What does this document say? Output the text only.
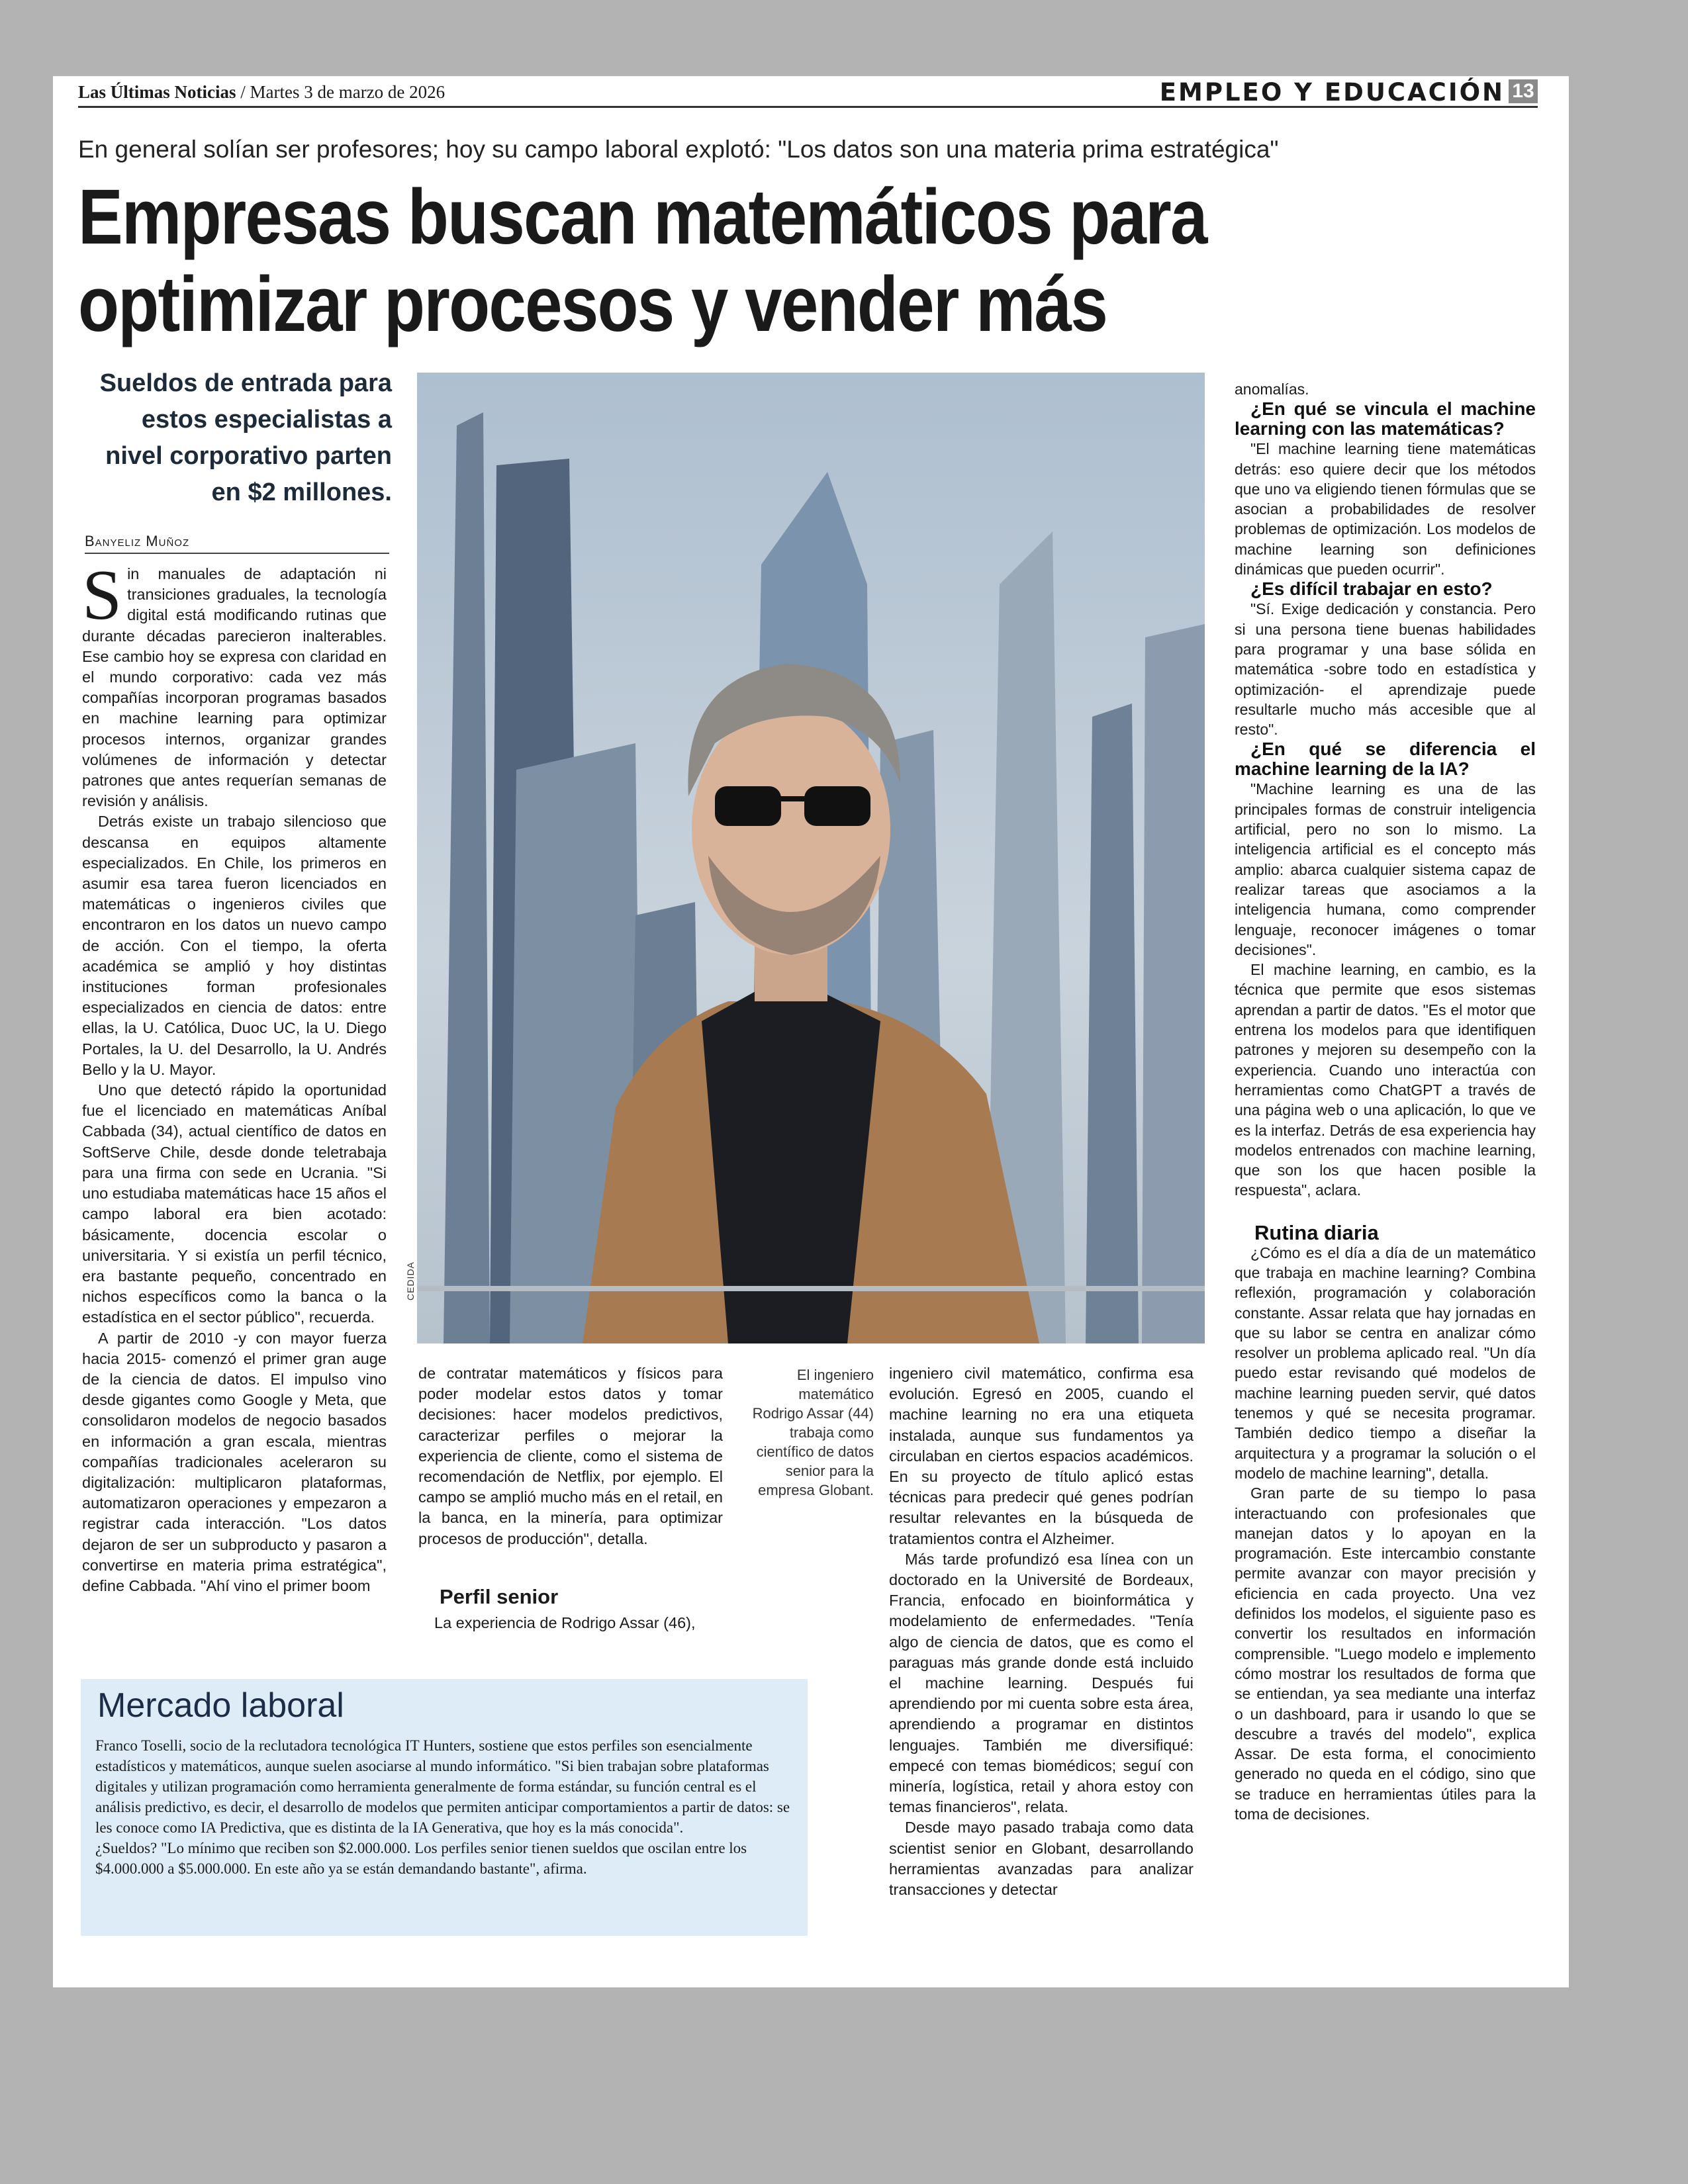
Las Últimas Noticias / Martes 3 de marzo de 2026	EMPLEO Y EDUCACIÓN 13
En general solían ser profesores; hoy su campo laboral explotó: "Los datos son una materia prima estratégica"
Empresas buscan matemáticos para
optimizar procesos y vender más
Sueldos de entrada para estos especialistas a nivel corporativo parten en $2 millones.
Banyeliz Muñoz

Sin manuales de adaptación ni transiciones graduales, la tecnología digital está modificando rutinas que durante décadas parecieron inalterables. Ese cambio hoy se expresa con claridad en el mundo corporativo: cada vez más compañías incorporan programas basados en machine learning para optimizar procesos internos, organizar grandes volúmenes de información y detectar patrones que antes requerían semanas de revisión y análisis.

Detrás existe un trabajo silencioso que descansa en equipos altamente especializados. En Chile, los primeros en asumir esa tarea fueron licenciados en matemáticas o ingenieros civiles que encontraron en los datos un nuevo campo de acción. Con el tiempo, la oferta académica se amplió y hoy distintas instituciones forman profesionales especializados en ciencia de datos: entre ellas, la U. Católica, Duoc UC, la U. Diego Portales, la U. del Desarrollo, la U. Andrés Bello y la U. Mayor.

Uno que detectó rápido la oportunidad fue el licenciado en matemáticas Aníbal Cabbada (34), actual científico de datos en SoftServe Chile, desde donde teletrabaja para una firma con sede en Ucrania. "Si uno estudiaba matemáticas hace 15 años el campo laboral era bien acotado: básicamente, docencia escolar o universitaria. Y si existía un perfil técnico, era bastante pequeño, concentrado en nichos específicos como la banca o la estadística en el sector público", recuerda.

A partir de 2010 -y con mayor fuerza hacia 2015- comenzó el primer gran auge de la ciencia de datos. El impulso vino desde gigantes como Google y Meta, que consolidaron modelos de negocio basados en información a gran escala, mientras compañías tradicionales aceleraron su digitalización: multiplicaron plataformas, automatizaron operaciones y empezaron a registrar cada interacción. "Los datos dejaron de ser un subproducto y pasaron a convertirse en materia prima estratégica", define Cabbada. "Ahí vino el primer boom

CEDIDA

de contratar matemáticos y físicos para poder modelar estos datos y tomar decisiones: hacer modelos predictivos, caracterizar perfiles o mejorar la experiencia de cliente, como el sistema de recomendación de Netflix, por ejemplo. El campo se amplió mucho más en el retail, en la banca, en la minería, para optimizar procesos de producción", detalla.

Perfil senior

La experiencia de Rodrigo Assar (46),

El ingeniero matemático Rodrigo Assar (44) trabaja como científico de datos senior para la empresa Globant.

ingeniero civil matemático, confirma esa evolución. Egresó en 2005, cuando el machine learning no era una etiqueta instalada, aunque sus fundamentos ya circulaban en ciertos espacios académicos. En su proyecto de título aplicó estas técnicas para predecir qué genes podrían resultar relevantes en la búsqueda de tratamientos contra el Alzheimer.

Más tarde profundizó esa línea con un doctorado en la Université de Bordeaux, Francia, enfocado en bioinformática y modelamiento de enfermedades. "Tenía algo de ciencia de datos, que es como el paraguas más grande donde está incluido el machine learning. Después fui aprendiendo por mi cuenta sobre esta área, aprendiendo a programar en distintos lenguajes. También me diversifiqué: empecé con temas biomédicos; seguí con minería, logística, retail y ahora estoy con temas financieros", relata.

Desde mayo pasado trabaja como data scientist senior en Globant, desarrollando herramientas avanzadas para analizar transacciones y detectar

anomalías.

¿En qué se vincula el machine learning con las matemáticas?

"El machine learning tiene matemáticas detrás: eso quiere decir que los métodos que uno va eligiendo tienen fórmulas que se asocian a probabilidades de resolver problemas de optimización. Los modelos de machine learning son definiciones dinámicas que pueden ocurrir".

¿Es difícil trabajar en esto?

"Sí. Exige dedicación y constancia. Pero si una persona tiene buenas habilidades para programar y una base sólida en matemática -sobre todo en estadística y optimización- el aprendizaje puede resultarle mucho más accesible que al resto".

¿En qué se diferencia el machine learning de la IA?

"Machine learning es una de las principales formas de construir inteligencia artificial, pero no son lo mismo. La inteligencia artificial es el concepto más amplio: abarca cualquier sistema capaz de realizar tareas que asociamos a la inteligencia humana, como comprender lenguaje, reconocer imágenes o tomar decisiones".

El machine learning, en cambio, es la técnica que permite que esos sistemas aprendan a partir de datos. "Es el motor que entrena los modelos para que identifiquen patrones y mejoren su desempeño con la experiencia. Cuando uno interactúa con herramientas como ChatGPT a través de una página web o una aplicación, lo que ve es la interfaz. Detrás de esa experiencia hay modelos entrenados con machine learning, que son los que hacen posible la respuesta", aclara.

Rutina diaria

¿Cómo es el día a día de un matemático que trabaja en machine learning? Combina reflexión, programación y colaboración constante. Assar relata que hay jornadas en que su labor se centra en analizar cómo resolver un problema aplicado real. "Un día puedo estar revisando qué modelos de machine learning pueden servir, qué datos tenemos y qué se necesita programar. También dedico tiempo a diseñar la arquitectura y a programar la solución o el modelo de machine learning", detalla.

Gran parte de su tiempo lo pasa interactuando con profesionales que manejan datos y lo apoyan en la programación. Este intercambio constante permite avanzar con mayor precisión y eficiencia en cada proyecto. Una vez definidos los modelos, el siguiente paso es convertir los resultados en información comprensible. "Luego modelo e implemento cómo mostrar los resultados de forma que se entiendan, ya sea mediante una interfaz o un dashboard, para ir usando lo que se descubre a través del modelo", explica Assar. De esta forma, el conocimiento generado no queda en el código, sino que se traduce en herramientas útiles para la toma de decisiones.

Mercado laboral
Franco Toselli, socio de la reclutadora tecnológica IT Hunters, sostiene que estos perfiles son esencialmente estadísticos y matemáticos, aunque suelen asociarse al mundo informático. "Si bien trabajan sobre plataformas digitales y utilizan programación como herramienta generalmente de forma estándar, su función central es el análisis predictivo, es decir, el desarrollo de modelos que permiten anticipar comportamientos a partir de datos: se les conoce como IA Predictiva, que es distinta de la IA Generativa, que hoy es la más conocida".
¿Sueldos? "Lo mínimo que reciben son $2.000.000. Los perfiles senior tienen sueldos que oscilan entre los $4.000.000 a $5.000.000. En este año ya se están demandando bastante", afirma.
